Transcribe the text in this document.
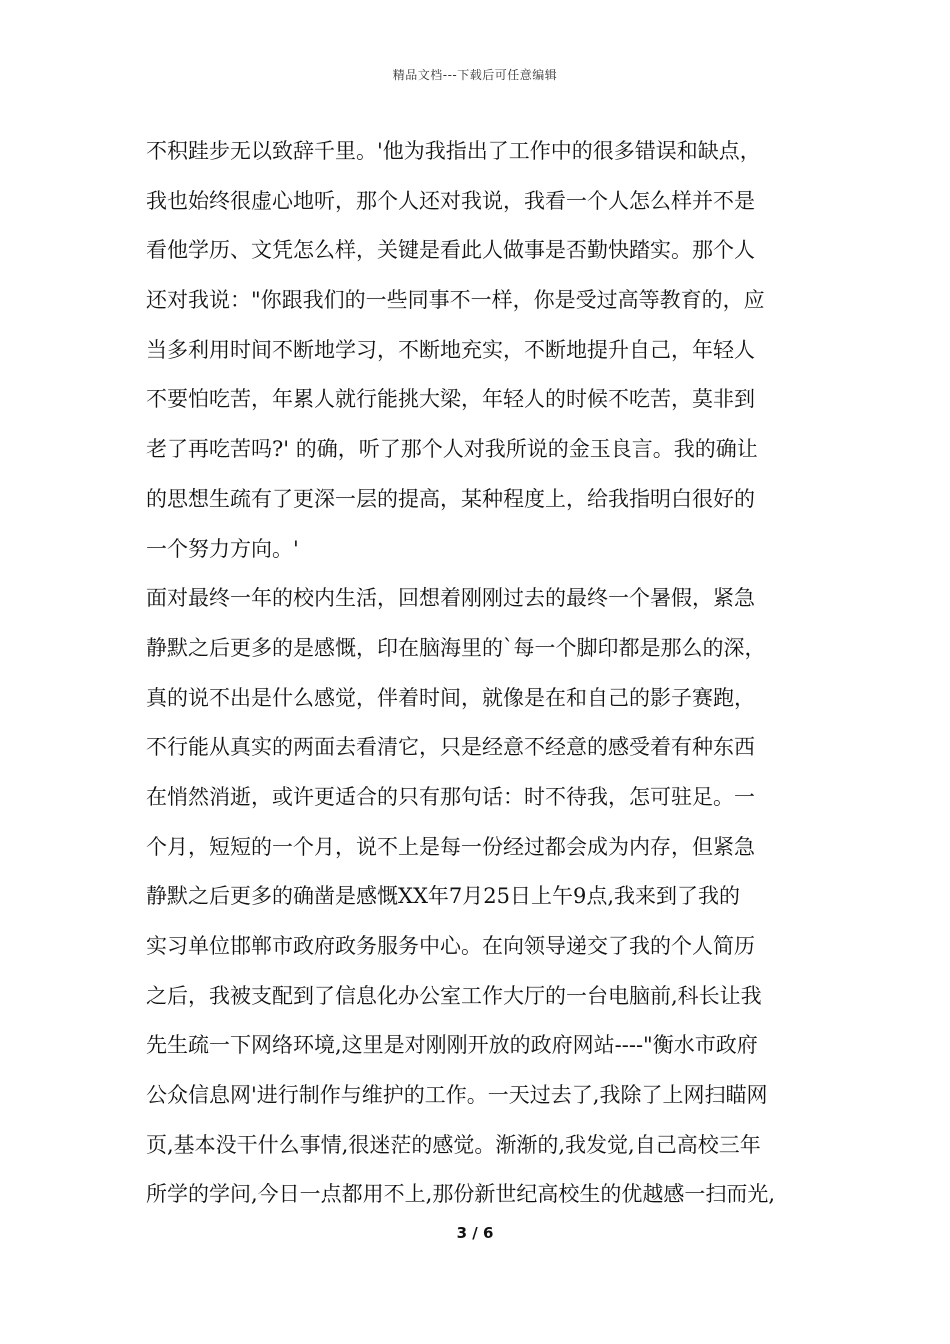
精品文档---下载后可任意编辑
不积跬步无以致辞千里。'他为我指出了工作中的很多错误和缺点，
我也始终很虚心地听，那个人还对我说，我看一个人怎么样并不是
看他学历、文凭怎么样，关键是看此人做事是否勤快踏实。那个人
还对我说："你跟我们的一些同事不一样，你是受过高等教育的，应
当多利用时间不断地学习，不断地充实，不断地提升自己，年轻人
不要怕吃苦，年累人就行能挑大梁，年轻人的时候不吃苦，莫非到
老了再吃苦吗?' 的确，听了那个人对我所说的金玉良言。我的确让
的思想生疏有了更深一层的提高，某种程度上，给我指明白很好的
一个努力方向。'
面对最终一年的校内生活，回想着刚刚过去的最终一个暑假，紧急
静默之后更多的是感慨，印在脑海里的`每一个脚印都是那么的深，
真的说不出是什么感觉，伴着时间，就像是在和自己的影子赛跑，
不行能从真实的两面去看清它，只是经意不经意的感受着有种东西
在悄然消逝，或许更适合的只有那句话：时不待我，怎可驻足。一
个月，短短的一个月，说不上是每一份经过都会成为内存，但紧急
静默之后更多的确凿是感慨XX年7月25日上午9点,我来到了我的
实习单位邯郸市政府政务服务中心。在向领导递交了我的个人简历
之后，我被支配到了信息化办公室工作大厅的一台电脑前,科长让我
先生疏一下网络环境,这里是对刚刚开放的政府网站----"衡水市政府
公众信息网'进行制作与维护的工作。一天过去了,我除了上网扫瞄网
页,基本没干什么事情,很迷茫的感觉。渐渐的,我发觉,自己高校三年
所学的学问,今日一点都用不上,那份新世纪高校生的优越感一扫而光,
3 / 6
